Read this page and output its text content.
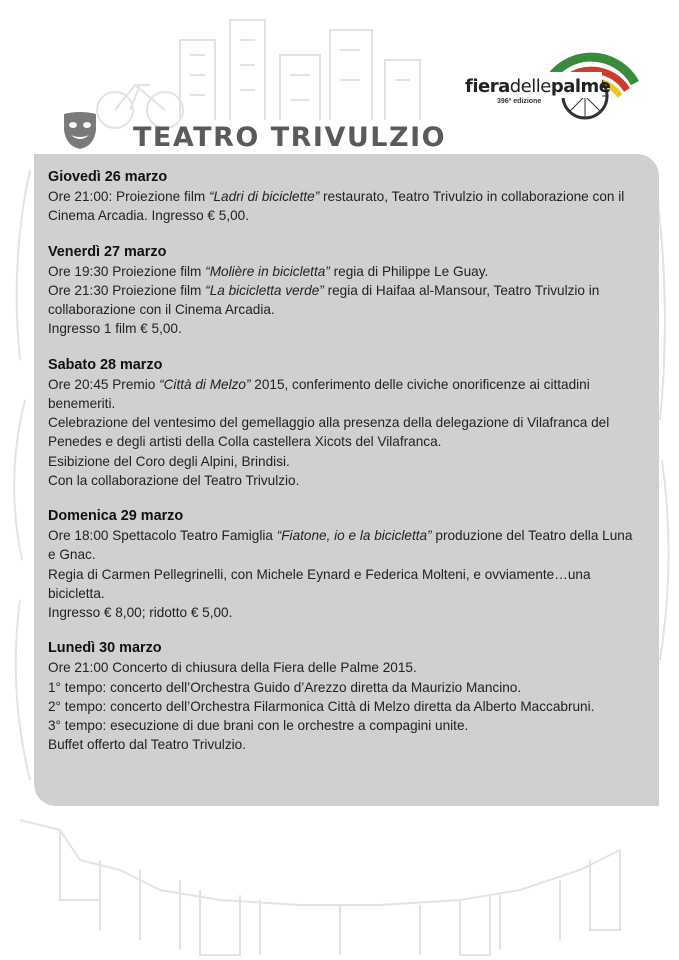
TEATRO TRIVULZIO
fieradellepalme
396ª edizione
Giovedì 26 marzo

Ore 21:00: Proiezione film “Ladri di biciclette” restaurato, Teatro Trivulzio in collaborazione con il Cinema Arcadia. Ingresso € 5,00.

Venerdì 27 marzo

Ore 19:30 Proiezione film “Molière in bicicletta” regia di Philippe Le Guay.

Ore 21:30 Proiezione film “La bicicletta verde” regia di Haifaa al-Mansour, Teatro Trivulzio in collaborazione con il Cinema Arcadia.

Ingresso 1 film € 5,00.

Sabato 28 marzo

Ore 20:45 Premio “Città di Melzo” 2015, conferimento delle civiche onorificenze ai cittadini benemeriti.

Celebrazione del ventesimo del gemellaggio alla presenza della delegazione di Vilafranca del Penedes e degli artisti della Colla castellera Xicots del Vilafranca.

Esibizione del Coro degli Alpini, Brindisi.

Con la collaborazione del Teatro Trivulzio.

Domenica 29 marzo

Ore 18:00 Spettacolo Teatro Famiglia “Fiatone, io e la bicicletta” produzione del Teatro della Luna e Gnac.

Regia di Carmen Pellegrinelli, con Michele Eynard e Federica Molteni, e ovviamente…una bicicletta.

Ingresso € 8,00; ridotto € 5,00.

Lunedì 30 marzo

Ore 21:00 Concerto di chiusura della Fiera delle Palme 2015.

1° tempo: concerto dell’Orchestra Guido d’Arezzo diretta da Maurizio Mancino.

2° tempo: concerto dell’Orchestra Filarmonica Città di Melzo diretta da Alberto Maccabruni.

3° tempo: esecuzione di due brani con le orchestre a compagini unite.

Buffet offerto dal Teatro Trivulzio.
